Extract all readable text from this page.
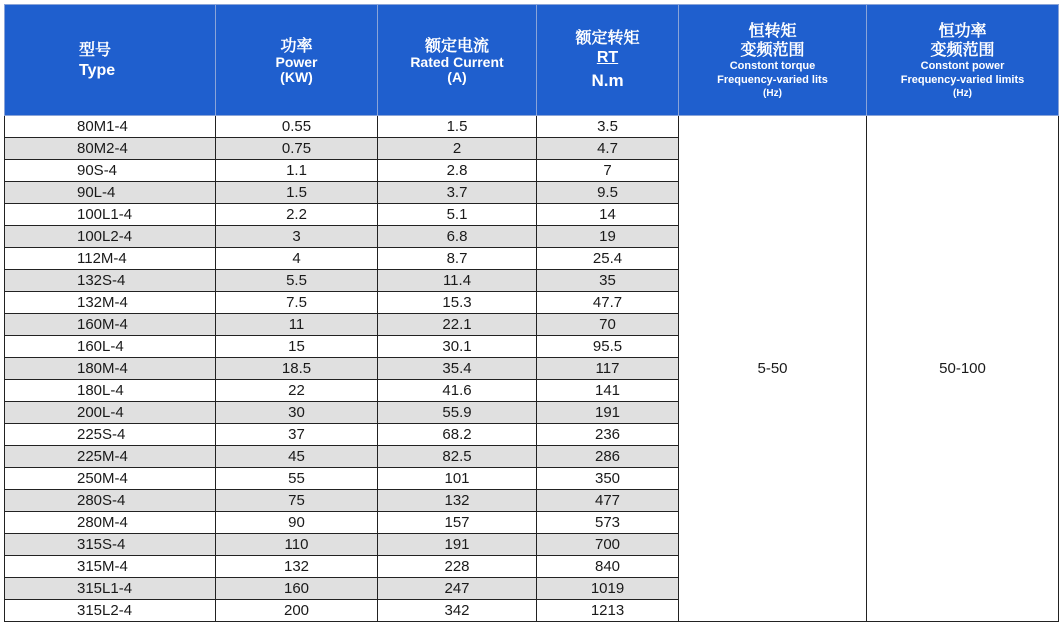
型号
Type	功率
Power
(KW)	额定电流
Rated Current
(A)	额定转矩
RT
N.m	恒转矩
变频范围
Constont torque
Frequency-varied lits
(Hz)	恒功率
变频范围
Constont power
Frequency-varied limits
(Hz)

80M1-4	0.55	1.5	3.5	5-50	50-100
80M2-4	0.75	2	4.7		
90S-4	1.1	2.8	7		
90L-4	1.5	3.7	9.5		
100L1-4	2.2	5.1	14		
100L2-4	3	6.8	19		
112M-4	4	8.7	25.4		
132S-4	5.5	11.4	35		
132M-4	7.5	15.3	47.7		
160M-4	11	22.1	70		
160L-4	15	30.1	95.5		
180M-4	18.5	35.4	117		
180L-4	22	41.6	141		
200L-4	30	55.9	191		
225S-4	37	68.2	236		
225M-4	45	82.5	286		
250M-4	55	101	350		
280S-4	75	132	477		
280M-4	90	157	573		
315S-4	110	191	700		
315M-4	132	228	840		
315L1-4	160	247	1019		
315L2-4	200	342	1213		
